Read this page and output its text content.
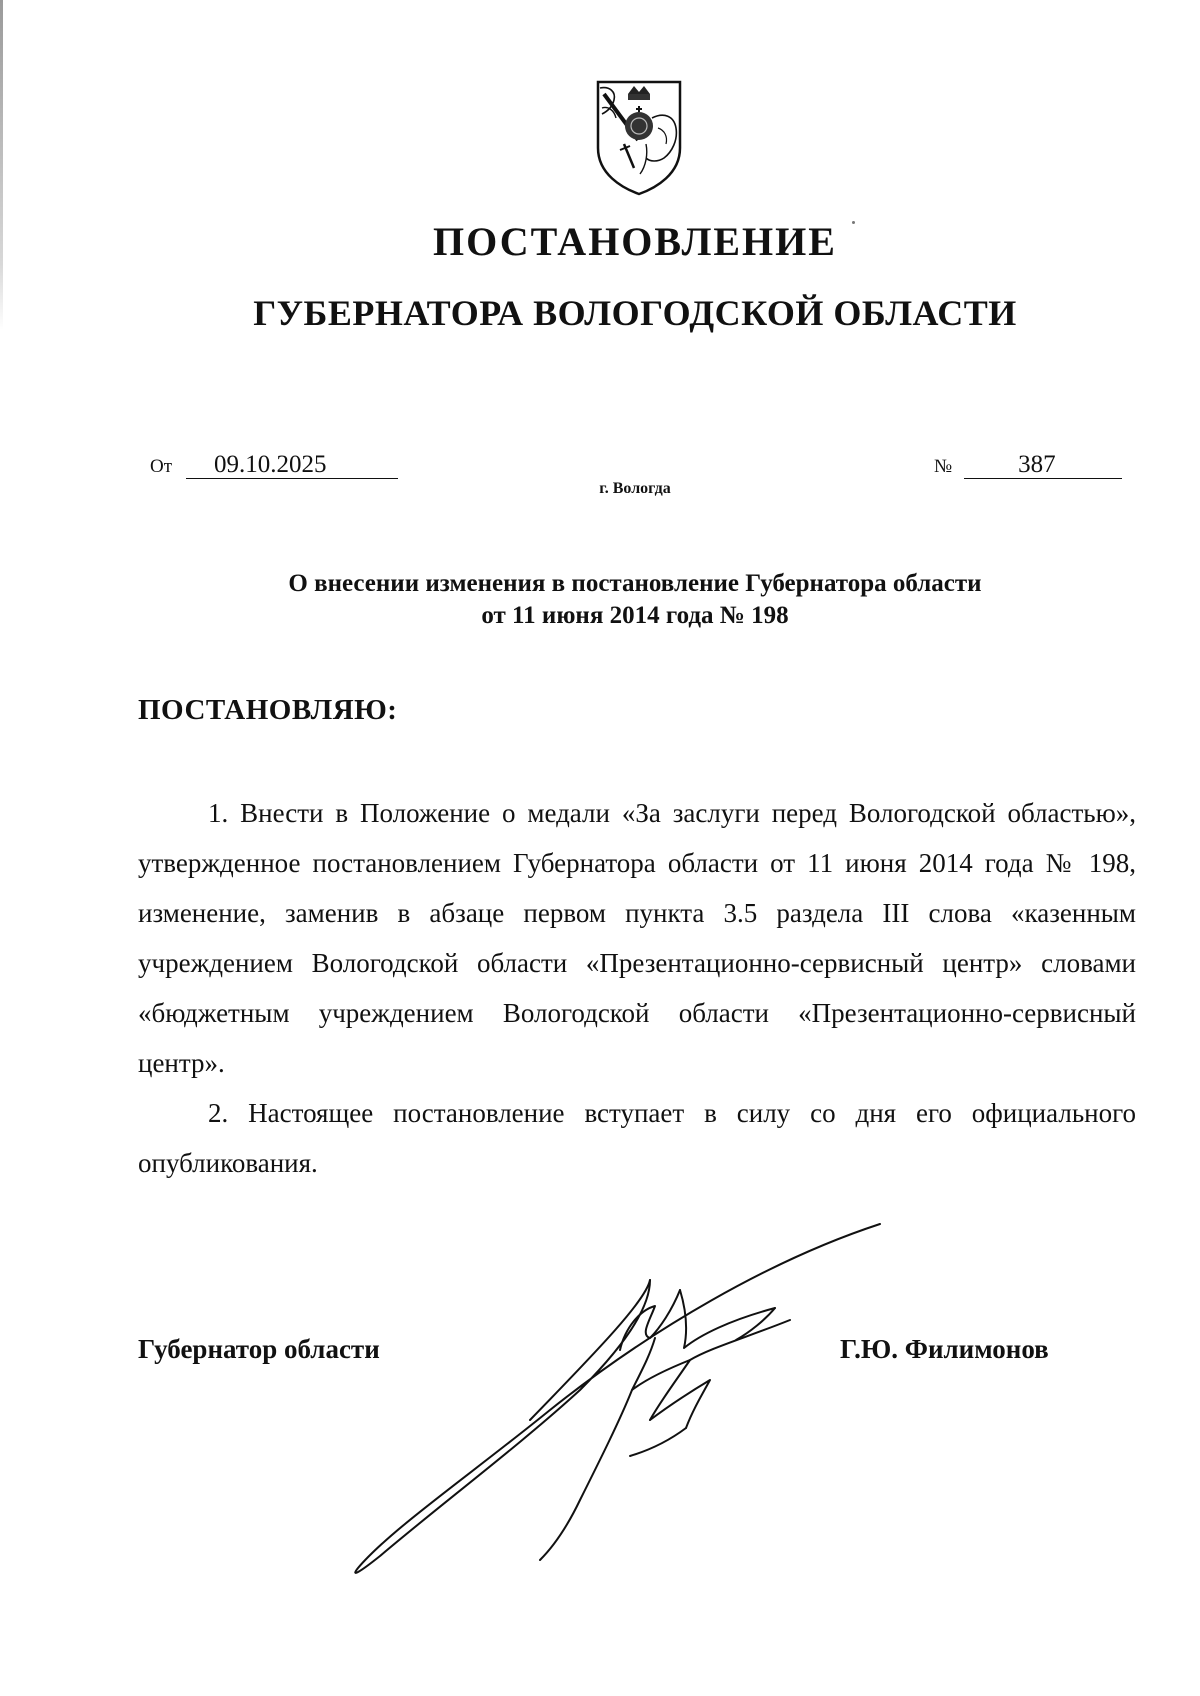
ПОСТАНОВЛЕНИЕ
ГУБЕРНАТОРА ВОЛОГОДСКОЙ ОБЛАСТИ
От	09.10.2025	№	387
г. Вологда
О внесении изменения в постановление Губернатора области
от 11 июня 2014 года № 198
ПОСТАНОВЛЯЮ:

1. Внести в Положение о медали «За заслуги перед Вологодской областью», утвержденное постановлением Губернатора области от 11 июня 2014 года № 198, изменение, заменив в абзаце первом пункта 3.5 раздела III слова «казенным учреждением Вологодской области «Презентационно-сервисный центр» словами «бюджетным учреждением Вологодской области «Презентационно-сервисный центр».

2. Настоящее постановление вступает в силу со дня его официального опубликования.

Губернатор области	Г.Ю. Филимонов
